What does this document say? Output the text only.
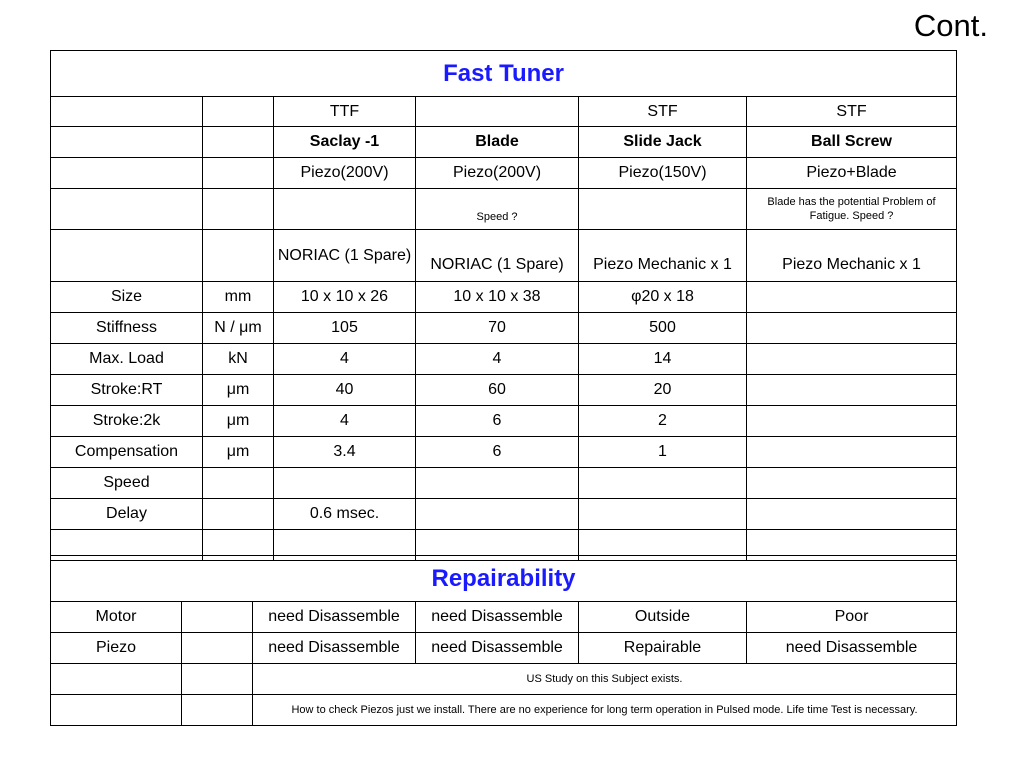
Cont.
Fast Tuner					
		TTF		STF	STF
		Saclay -1	Blade	Slide Jack	Ball Screw
		Piezo(200V)	Piezo(200V)	Piezo(150V)	Piezo+Blade
			Speed ?		Blade has the potential Problem of Fatigue. Speed ?
		NORIAC (1 Spare)	NORIAC (1 Spare)	Piezo Mechanic x 1	Piezo Mechanic x 1
Size	mm	10 x 10 x 26	10 x 10 x 38	φ20 x 18	
Stiffness	N / μm	105	70	500	
Max. Load	kN	4	4	14	
Stroke:RT	μm	40	60	20	
Stroke:2k	μm	4	6	2	
Compensation	μm	3.4	6	1	
Speed					
Delay		0.6 msec.			

Repairability					
Motor		need Disassemble	need Disassemble	Outside	Poor
Piezo		need Disassemble	need Disassemble	Repairable	need Disassemble
		US Study on this Subject exists.			
		How to check Piezos just we install. There are no experience for long term operation in Pulsed mode. Life time Test is necessary.			
